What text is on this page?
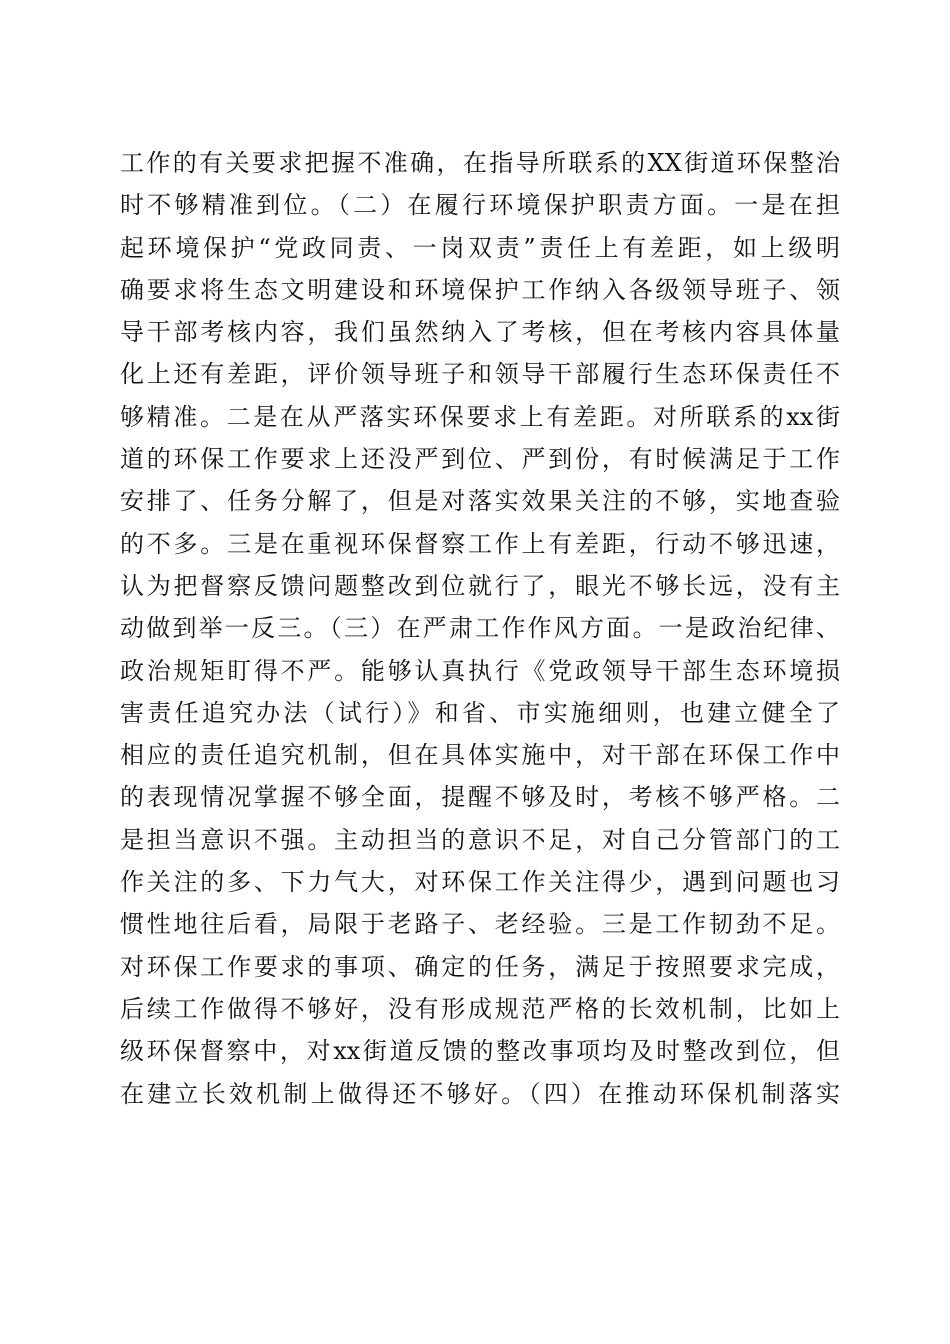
工作的有关要求把握不准确，在指导所联系的XX街道环保整治
时不够精准到位。（二）在履行环境保护职责方面。一是在担
起环境保护“党政同责、一岗双责”责任上有差距，如上级明
确要求将生态文明建设和环境保护工作纳入各级领导班子、领
导干部考核内容，我们虽然纳入了考核，但在考核内容具体量
化上还有差距，评价领导班子和领导干部履行生态环保责任不
够精准。二是在从严落实环保要求上有差距。对所联系的xx街
道的环保工作要求上还没严到位、严到份，有时候满足于工作
安排了、任务分解了，但是对落实效果关注的不够，实地查验
的不多。三是在重视环保督察工作上有差距，行动不够迅速，
认为把督察反馈问题整改到位就行了，眼光不够长远，没有主
动做到举一反三。（三）在严肃工作作风方面。一是政治纪律、
政治规矩盯得不严。能够认真执行《党政领导干部生态环境损
害责任追究办法（试行）》和省、市实施细则，也建立健全了
相应的责任追究机制，但在具体实施中，对干部在环保工作中
的表现情况掌握不够全面，提醒不够及时，考核不够严格。二
是担当意识不强。主动担当的意识不足，对自己分管部门的工
作关注的多、下力气大，对环保工作关注得少，遇到问题也习
惯性地往后看，局限于老路子、老经验。三是工作韧劲不足。
对环保工作要求的事项、确定的任务，满足于按照要求完成，
后续工作做得不够好，没有形成规范严格的长效机制，比如上
级环保督察中，对xx街道反馈的整改事项均及时整改到位，但
在建立长效机制上做得还不够好。（四）在推动环保机制落实
